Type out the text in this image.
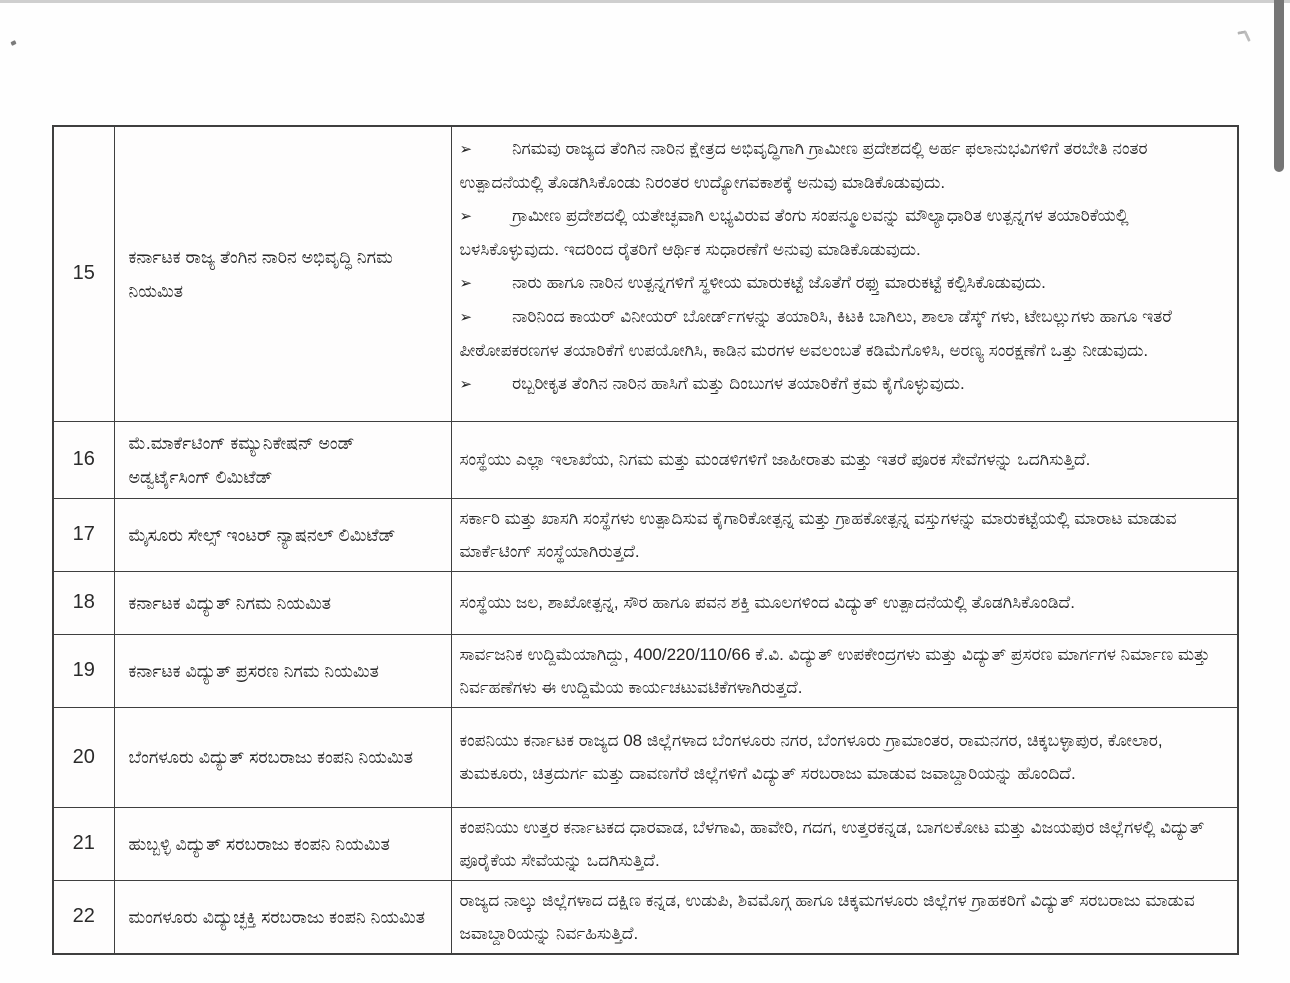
15	ಕರ್ನಾಟಕ ರಾಜ್ಯ ತೆಂಗಿನ ನಾರಿನ ಅಭಿವೃದ್ಧಿ ನಿಗಮ ನಿಯಮಿತ	➢ ನಿಗಮವು ರಾಜ್ಯದ ತೆಂಗಿನ ನಾರಿನ ಕ್ಷೇತ್ರದ ಅಭಿವೃದ್ಧಿಗಾಗಿ ಗ್ರಾಮೀಣ ಪ್ರದೇಶದಲ್ಲಿ ಅರ್ಹ ಫಲಾನುಭವಿಗಳಿಗೆ ತರಬೇತಿ ನಂತರ ಉತ್ಪಾದನೆಯಲ್ಲಿ ತೊಡಗಿಸಿಕೊಂಡು ನಿರಂತರ ಉದ್ಯೋಗವಕಾಶಕ್ಕೆ ಅನುವು ಮಾಡಿಕೊಡುವುದು.
➢ ಗ್ರಾಮೀಣ ಪ್ರದೇಶದಲ್ಲಿ ಯತೇಚ್ಛವಾಗಿ ಲಭ್ಯವಿರುವ ತೆಂಗು ಸಂಪನ್ಮೂಲವನ್ನು ಮೌಲ್ಯಾಧಾರಿತ ಉತ್ಪನ್ನಗಳ ತಯಾರಿಕೆಯಲ್ಲಿ ಬಳಸಿಕೊಳ್ಳುವುದು. ಇದರಿಂದ ರೈತರಿಗೆ ಆರ್ಥಿಕ ಸುಧಾರಣೆಗೆ ಅನುವು ಮಾಡಿಕೊಡುವುದು.
➢ ನಾರು ಹಾಗೂ ನಾರಿನ ಉತ್ಪನ್ನಗಳಿಗೆ ಸ್ಥಳೀಯ ಮಾರುಕಟ್ಟೆ ಜೊತೆಗೆ ರಫ್ತು ಮಾರುಕಟ್ಟೆ ಕಲ್ಪಿಸಿಕೊಡುವುದು.
➢ ನಾರಿನಿಂದ ಕಾಯರ್ ವಿನೀಯರ್ ಬೋರ್ಡ್‌ಗಳನ್ನು ತಯಾರಿಸಿ, ಕಿಟಕಿ ಬಾಗಿಲು, ಶಾಲಾ ಡೆಸ್ಕ್ ಗಳು, ಟೇಬಲ್ಲುಗಳು ಹಾಗೂ ಇತರೆ ಪೀಠೋಪಕರಣಗಳ ತಯಾರಿಕೆಗೆ ಉಪಯೋಗಿಸಿ, ಕಾಡಿನ ಮರಗಳ ಅವಲಂಬತೆ ಕಡಿಮೆಗೊಳಿಸಿ, ಅರಣ್ಯ ಸಂರಕ್ಷಣೆಗೆ ಒತ್ತು ನೀಡುವುದು.
➢ ರಬ್ಬರೀಕೃತ ತೆಂಗಿನ ನಾರಿನ ಹಾಸಿಗೆ ಮತ್ತು ದಿಂಬುಗಳ ತಯಾರಿಕೆಗೆ ಕ್ರಮ ಕೈಗೊಳ್ಳುವುದು.

16	ಮೆ.ಮಾರ್ಕೆಟಿಂಗ್ ಕಮ್ಯುನಿಕೇಷನ್ ಅಂಡ್ ಅಡ್ವರ್ಟೈಸಿಂಗ್ ಲಿಮಿಟೆಡ್	ಸಂಸ್ಥೆಯು ಎಲ್ಲಾ ಇಲಾಖೆಯ, ನಿಗಮ ಮತ್ತು ಮಂಡಳಿಗಳಿಗೆ ಜಾಹೀರಾತು ಮತ್ತು ಇತರೆ ಪೂರಕ ಸೇವೆಗಳನ್ನು ಒದಗಿಸುತ್ತಿದೆ.
17	ಮೈಸೂರು ಸೇಲ್ಸ್ ಇಂಟರ್ ನ್ಯಾಷನಲ್ ಲಿಮಿಟೆಡ್	ಸರ್ಕಾರಿ ಮತ್ತು ಖಾಸಗಿ ಸಂಸ್ಥೆಗಳು ಉತ್ಪಾದಿಸುವ ಕೈಗಾರಿಕೋತ್ಪನ್ನ ಮತ್ತು ಗ್ರಾಹಕೋತ್ಪನ್ನ ವಸ್ತುಗಳನ್ನು ಮಾರುಕಟ್ಟೆಯಲ್ಲಿ ಮಾರಾಟ ಮಾಡುವ ಮಾರ್ಕೆಟಿಂಗ್ ಸಂಸ್ಥೆಯಾಗಿರುತ್ತದೆ.
18	ಕರ್ನಾಟಕ ವಿದ್ಯುತ್ ನಿಗಮ ನಿಯಮಿತ	ಸಂಸ್ಥೆಯು ಜಲ, ಶಾಖೋತ್ಪನ್ನ, ಸೌರ ಹಾಗೂ ಪವನ ಶಕ್ತಿ ಮೂಲಗಳಿಂದ ವಿದ್ಯುತ್ ಉತ್ಪಾದನೆಯಲ್ಲಿ ತೊಡಗಿಸಿಕೊಂಡಿದೆ.
19	ಕರ್ನಾಟಕ ವಿದ್ಯುತ್ ಪ್ರಸರಣ ನಿಗಮ ನಿಯಮಿತ	ಸಾರ್ವಜನಿಕ ಉದ್ದಿಮೆಯಾಗಿದ್ದು, 400/220/110/66 ಕೆ.ವಿ. ವಿದ್ಯುತ್ ಉಪಕೇಂದ್ರಗಳು ಮತ್ತು ವಿದ್ಯುತ್ ಪ್ರಸರಣ ಮಾರ್ಗಗಳ ನಿರ್ಮಾಣ ಮತ್ತು ನಿರ್ವಹಣೆಗಳು ಈ ಉದ್ದಿಮೆಯ ಕಾರ್ಯಚಟುವಟಿಕೆಗಳಾಗಿರುತ್ತದೆ.
20	ಬೆಂಗಳೂರು ವಿದ್ಯುತ್ ಸರಬರಾಜು ಕಂಪನಿ ನಿಯಮಿತ	ಕಂಪನಿಯು ಕರ್ನಾಟಕ ರಾಜ್ಯದ 08 ಜಿಲ್ಲೆಗಳಾದ ಬೆಂಗಳೂರು ನಗರ, ಬೆಂಗಳೂರು ಗ್ರಾಮಾಂತರ, ರಾಮನಗರ, ಚಿಕ್ಕಬಳ್ಳಾಪುರ, ಕೋಲಾರ, ತುಮಕೂರು, ಚಿತ್ರದುರ್ಗ ಮತ್ತು ದಾವಣಗೆರೆ ಜಿಲ್ಲೆಗಳಿಗೆ ವಿದ್ಯುತ್ ಸರಬರಾಜು ಮಾಡುವ ಜವಾಬ್ದಾರಿಯನ್ನು ಹೊಂದಿದೆ.
21	ಹುಬ್ಬಳ್ಳಿ ವಿದ್ಯುತ್ ಸರಬರಾಜು ಕಂಪನಿ ನಿಯಮಿತ	ಕಂಪನಿಯು ಉತ್ತರ ಕರ್ನಾಟಕದ ಧಾರವಾಡ, ಬೆಳಗಾವಿ, ಹಾವೇರಿ, ಗದಗ, ಉತ್ತರಕನ್ನಡ, ಬಾಗಲಕೋಟ ಮತ್ತು ವಿಜಯಪುರ ಜಿಲ್ಲೆಗಳಲ್ಲಿ ವಿದ್ಯುತ್ ಪೂರೈಕೆಯ ಸೇವೆಯನ್ನು ಒದಗಿಸುತ್ತಿದೆ.
22	ಮಂಗಳೂರು ವಿದ್ಯುಚ್ಛಕ್ತಿ ಸರಬರಾಜು ಕಂಪನಿ ನಿಯಮಿತ	ರಾಜ್ಯದ ನಾಲ್ಕು ಜಿಲ್ಲೆಗಳಾದ ದಕ್ಷಿಣ ಕನ್ನಡ, ಉಡುಪಿ, ಶಿವಮೊಗ್ಗ ಹಾಗೂ ಚಿಕ್ಕಮಗಳೂರು ಜಿಲ್ಲೆಗಳ ಗ್ರಾಹಕರಿಗೆ ವಿದ್ಯುತ್ ಸರಬರಾಜು ಮಾಡುವ ಜವಾಬ್ದಾರಿಯನ್ನು ನಿರ್ವಹಿಸುತ್ತಿದೆ.
